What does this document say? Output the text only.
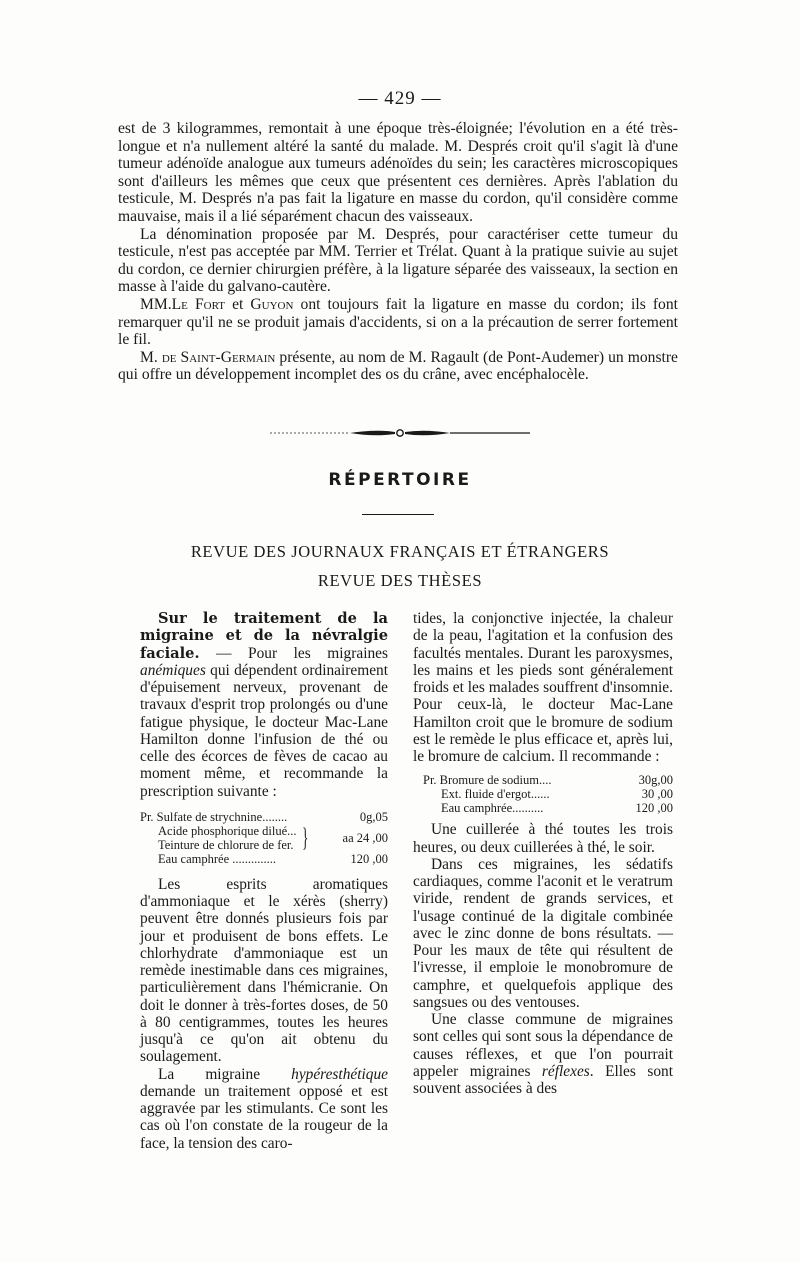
— 429 —

est de 3 kilogrammes, remontait à une époque très-éloignée; l'évolution en a été très-longue et n'a nullement altéré la santé du malade. M. Després croit qu'il s'agit là d'une tumeur adénoïde analogue aux tumeurs adénoïdes du sein; les caractères microscopiques sont d'ailleurs les mêmes que ceux que présentent ces dernières. Après l'ablation du testicule, M. Després n'a pas fait la ligature en masse du cordon, qu'il considère comme mauvaise, mais il a lié séparément chacun des vaisseaux.

La dénomination proposée par M. Després, pour caractériser cette tumeur du testicule, n'est pas acceptée par MM. Terrier et Trélat. Quant à la pratique suivie au sujet du cordon, ce dernier chirurgien préfère, à la ligature séparée des vaisseaux, la section en masse à l'aide du galvano-cautère.

MM.Le Fort et Guyon ont toujours fait la ligature en masse du cordon; ils font remarquer qu'il ne se produit jamais d'accidents, si on a la précaution de serrer fortement le fil.

M. de Saint-Germain présente, au nom de M. Ragault (de Pont-Audemer) un monstre qui offre un développement incomplet des os du crâne, avec encéphalocèle.

RÉPERTOIRE
REVUE DES JOURNAUX FRANÇAIS ET ÉTRANGERS
REVUE DES THÈSES

Sur le traitement de la migraine et de la névralgie faciale. — Pour les migraines anémiques qui dépendent ordinairement d'épuisement nerveux, provenant de travaux d'esprit trop prolongés ou d'une fatigue physique, le docteur Mac-Lane Hamilton donne l'infusion de thé ou celle des écorces de fèves de cacao au moment même, et recommande la prescription suivante :

Pr. Sulfate de strychnine........	0g,05
Acide phosphorique dilué...
Teinture de chlorure de fer. }	aa 24 ,00
Eau camphrée ..............	120 ,00

Les esprits aromatiques d'ammoniaque et le xérès (sherry) peuvent être donnés plusieurs fois par jour et produisent de bons effets. Le chlorhydrate d'ammoniaque est un remède inestimable dans ces migraines, particulièrement dans l'hémicranie. On doit le donner à très-fortes doses, de 50 à 80 centigrammes, toutes les heures jusqu'à ce qu'on ait obtenu du soulagement.

La migraine hypéresthétique demande un traitement opposé et est aggravée par les stimulants. Ce sont les cas où l'on constate de la rougeur de la face, la tension des caro-

tides, la conjonctive injectée, la chaleur de la peau, l'agitation et la confusion des facultés mentales. Durant les paroxysmes, les mains et les pieds sont généralement froids et les malades souffrent d'insomnie. Pour ceux-là, le docteur Mac-Lane Hamilton croit que le bromure de sodium est le remède le plus efficace et, après lui, le bromure de calcium. Il recommande :

Pr. Bromure de sodium....	30g,00
Ext. fluide d'ergot......	30 ,00
Eau camphrée..........	120 ,00

Une cuillerée à thé toutes les trois heures, ou deux cuillerées à thé, le soir.

Dans ces migraines, les sédatifs cardiaques, comme l'aconit et le veratrum viride, rendent de grands services, et l'usage continué de la digitale combinée avec le zinc donne de bons résultats. — Pour les maux de tête qui résultent de l'ivresse, il emploie le monobromure de camphre, et quelquefois applique des sangsues ou des ventouses.

Une classe commune de migraines sont celles qui sont sous la dépendance de causes réflexes, et que l'on pourrait appeler migraines réflexes. Elles sont souvent associées à des
